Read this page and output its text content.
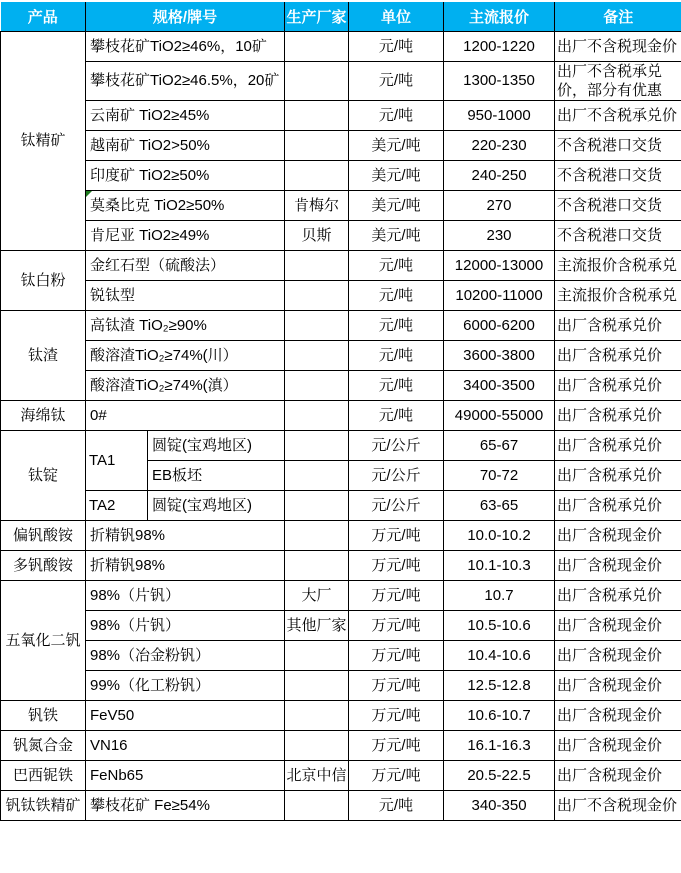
产品	规格/牌号		生产厂家	单位	主流报价	备注
钛精矿	攀枝花矿TiO2≥46%，10矿			元/吨	1200-1220	出厂不含税现金价
	攀枝花矿TiO2≥46.5%，20矿			元/吨	1300-1350	出厂不含税承兑价，部分有优惠
	云南矿 TiO2≥45%			元/吨	950-1000	出厂不含税承兑价
	越南矿 TiO2>50%			美元/吨	220-230	不含税港口交货
	印度矿 TiO2≥50%			美元/吨	240-250	不含税港口交货
	莫桑比克 TiO2≥50%		肯梅尔	美元/吨	270	不含税港口交货
	肯尼亚 TiO2≥49%		贝斯	美元/吨	230	不含税港口交货
钛白粉	金红石型（硫酸法）			元/吨	12000-13000	主流报价含税承兑
	锐钛型			元/吨	10200-11000	主流报价含税承兑
钛渣	高钛渣 TiO₂≥90%			元/吨	6000-6200	出厂含税承兑价
	酸溶渣TiO₂≥74%(川）			元/吨	3600-3800	出厂含税承兑价
	酸溶渣TiO₂≥74%(滇）			元/吨	3400-3500	出厂含税承兑价
海绵钛	0#			元/吨	49000-55000	出厂含税承兑价
钛锭	TA1	圆锭(宝鸡地区)		元/公斤	65-67	出厂含税承兑价
		EB板坯		元/公斤	70-72	出厂含税承兑价
	TA2	圆锭(宝鸡地区)		元/公斤	63-65	出厂含税承兑价
偏钒酸铵	折精钒98%			万元/吨	10.0-10.2	出厂含税现金价
多钒酸铵	折精钒98%			万元/吨	10.1-10.3	出厂含税现金价
五氧化二钒	98%（片钒）		大厂	万元/吨	10.7	出厂含税承兑价
	98%（片钒）		其他厂家	万元/吨	10.5-10.6	出厂含税现金价
	98%（冶金粉钒）			万元/吨	10.4-10.6	出厂含税现金价
	99%（化工粉钒）			万元/吨	12.5-12.8	出厂含税现金价
钒铁	FeV50			万元/吨	10.6-10.7	出厂含税现金价
钒氮合金	VN16			万元/吨	16.1-16.3	出厂含税现金价
巴西铌铁	FeNb65		北京中信	万元/吨	20.5-22.5	出厂含税现金价
钒钛铁精矿	攀枝花矿 Fe≥54%			元/吨	340-350	出厂不含税现金价
